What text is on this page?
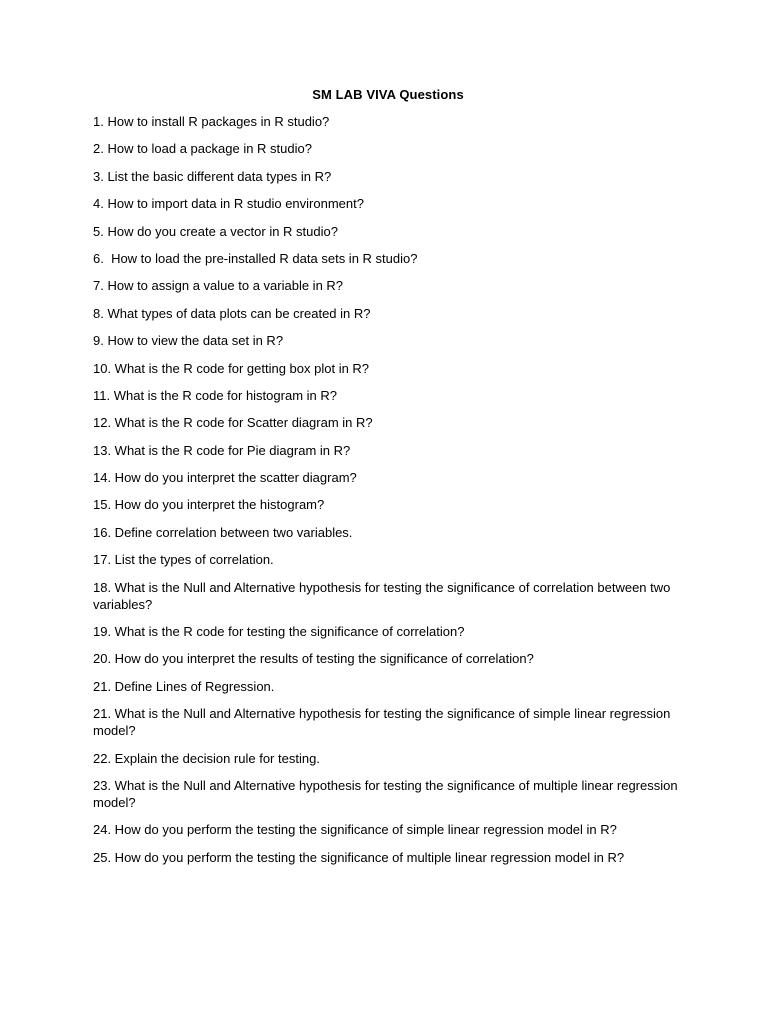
SM LAB VIVA Questions
1. How to install R packages in R studio?
2. How to load a package in R studio?
3. List the basic different data types in R?
4. How to import data in R studio environment?
5. How do you create a vector in R studio?
6.  How to load the pre-installed R data sets in R studio?
7. How to assign a value to a variable in R?
8. What types of data plots can be created in R?
9. How to view the data set in R?
10. What is the R code for getting box plot in R?
11. What is the R code for histogram in R?
12. What is the R code for Scatter diagram in R?
13. What is the R code for Pie diagram in R?
14. How do you interpret the scatter diagram?
15. How do you interpret the histogram?
16. Define correlation between two variables.
17. List the types of correlation.
18. What is the Null and Alternative hypothesis for testing the significance of correlation between two variables?
19. What is the R code for testing the significance of correlation?
20. How do you interpret the results of testing the significance of correlation?
21. Define Lines of Regression.
21. What is the Null and Alternative hypothesis for testing the significance of simple linear regression model?
22. Explain the decision rule for testing.
23. What is the Null and Alternative hypothesis for testing the significance of multiple linear regression model?
24. How do you perform the testing the significance of simple linear regression model in R?
25. How do you perform the testing the significance of multiple linear regression model in R?
